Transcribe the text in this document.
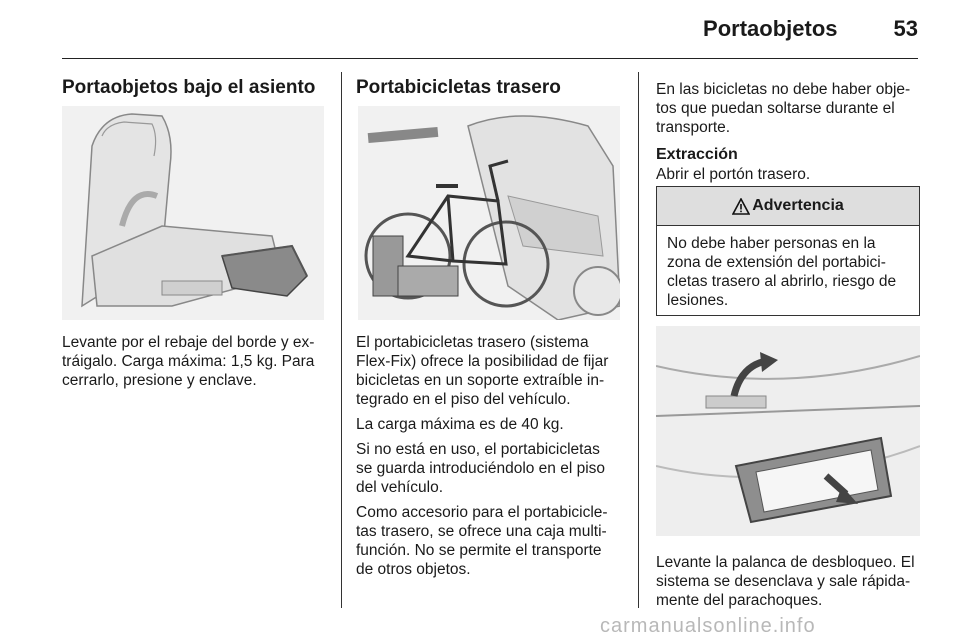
Portaobjetos	53
Portaobjetos bajo el asiento

Levante por el rebaje del borde y ex-
tráigalo. Carga máxima: 1,5 kg. Para
cerrarlo, presione y enclave.

Portabicicletas trasero

El portabicicletas trasero (sistema
Flex-Fix) ofrece la posibilidad de fijar
bicicletas en un soporte extraíble in-
tegrado en el piso del vehículo.

La carga máxima es de 40 kg.

Si no está en uso, el portabicicletas
se guarda introduciéndolo en el piso
del vehículo.

Como accesorio para el portabicicle-
tas trasero, se ofrece una caja multi-
función. No se permite el transporte
de otros objetos.

En las bicicletas no debe haber obje-
tos que puedan soltarse durante el
transporte.

Extracción

Abrir el portón trasero.

Advertencia
No debe haber personas en la
zona de extensión del portabici-
cletas trasero al abrirlo, riesgo de
lesiones.

Levante la palanca de desbloqueo. El
sistema se desenclava y sale rápida-
mente del parachoques.

carmanualsonline.info
